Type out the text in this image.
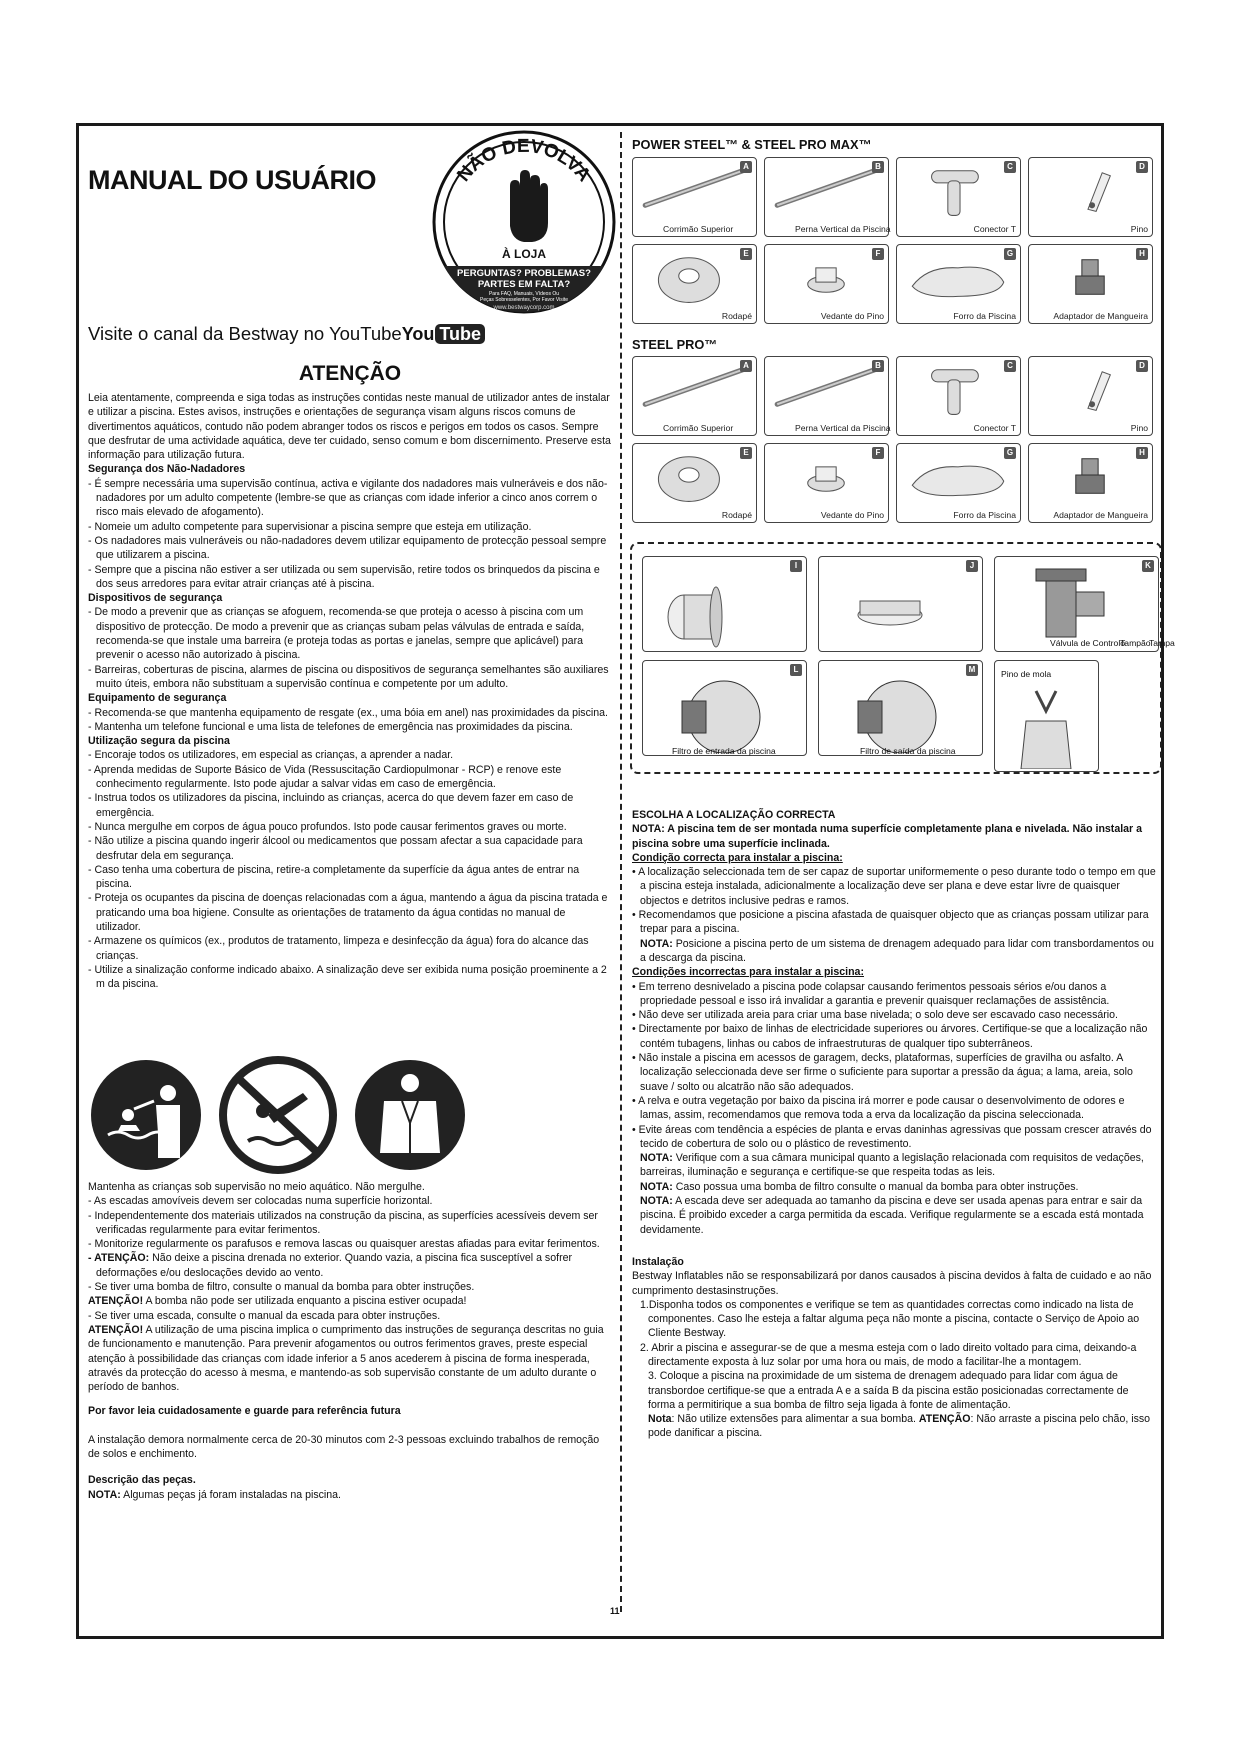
MANUAL DO USUÁRIO	NÃO DEVOLVA
À LOJA
PERGUNTAS? PROBLEMAS?
PARTES EM FALTA?
Para FAQ, Manuais, Vídeos Ou
Peças Sobresselentes, Por Favor Visite
www.bestwaycorp.com
Visite o canal da Bestway no YouTubeYou Tube
ATENÇÃO

Leia atentamente, compreenda e siga todas as instruções contidas neste manual de utilizador antes de instalar e utilizar a piscina. Estes avisos, instruções e orientações de segurança visam alguns riscos comuns de divertimentos aquáticos, contudo não podem abranger todos os riscos e perigos em todos os casos. Sempre que desfrutar de uma actividade aquática, deve ter cuidado, senso comum e bom discernimento. Preserve esta informação para utilização futura.

Segurança dos Não-Nadadores

- É sempre necessária uma supervisão contínua, activa e vigilante dos nadadores mais vulneráveis e dos não-nadadores por um adulto competente (lembre-se que as crianças com idade inferior a cinco anos correm o risco mais elevado de afogamento).

- Nomeie um adulto competente para supervisionar a piscina sempre que esteja em utilização.

- Os nadadores mais vulneráveis ou não-nadadores devem utilizar equipamento de protecção pessoal sempre que utilizarem a piscina.

- Sempre que a piscina não estiver a ser utilizada ou sem supervisão, retire todos os brinquedos da piscina e dos seus arredores para evitar atrair crianças até à piscina.

Dispositivos de segurança

- De modo a prevenir que as crianças se afoguem, recomenda-se que proteja o acesso à piscina com um dispositivo de protecção. De modo a prevenir que as crianças subam pelas válvulas de entrada e saída, recomenda-se que instale uma barreira (e proteja todas as portas e janelas, sempre que aplicável) para prevenir o acesso não autorizado à piscina.

- Barreiras, coberturas de piscina, alarmes de piscina ou dispositivos de segurança semelhantes são auxiliares muito úteis, embora não substituam a supervisão contínua e competente por um adulto.

Equipamento de segurança

- Recomenda-se que mantenha equipamento de resgate (ex., uma bóia em anel) nas proximidades da piscina.

- Mantenha um telefone funcional e uma lista de telefones de emergência nas proximidades da piscina.

Utilização segura da piscina

- Encoraje todos os utilizadores, em especial as crianças, a aprender a nadar.

- Aprenda medidas de Suporte Básico de Vida (Ressuscitação Cardiopulmonar - RCP) e renove este conhecimento regularmente. Isto pode ajudar a salvar vidas em caso de emergência.

- Instrua todos os utilizadores da piscina, incluindo as crianças, acerca do que devem fazer em caso de emergência.

- Nunca mergulhe em corpos de água pouco profundos. Isto pode causar ferimentos graves ou morte.

- Não utilize a piscina quando ingerir álcool ou medicamentos que possam afectar a sua capacidade para desfrutar dela em segurança.

- Caso tenha uma cobertura de piscina, retire-a completamente da superfície da água antes de entrar na piscina.

- Proteja os ocupantes da piscina de doenças relacionadas com a água, mantendo a água da piscina tratada e praticando uma boa higiene. Consulte as orientações de tratamento da água contidas no manual de utilizador.

- Armazene os químicos (ex., produtos de tratamento, limpeza e desinfecção da água) fora do alcance das crianças.

- Utilize a sinalização conforme indicado abaixo. A sinalização deve ser exibida numa posição proeminente a 2 m da piscina.

Mantenha as crianças sob supervisão no meio aquático. Não mergulhe.

- As escadas amovíveis devem ser colocadas numa superfície horizontal.

- Independentemente dos materiais utilizados na construção da piscina, as superfícies acessíveis devem ser verificadas regularmente para evitar ferimentos.

- Monitorize regularmente os parafusos e remova lascas ou quaisquer arestas afiadas para evitar ferimentos.

- ATENÇÃO: Não deixe a piscina drenada no exterior. Quando vazia, a piscina fica susceptível a sofrer deformações e/ou deslocações devido ao vento.

- Se tiver uma bomba de filtro, consulte o manual da bomba para obter instruções.

ATENÇÃO! A bomba não pode ser utilizada enquanto a piscina estiver ocupada!

- Se tiver uma escada, consulte o manual da escada para obter instruções.

ATENÇÃO! A utilização de uma piscina implica o cumprimento das instruções de segurança descritas no guia de funcionamento e manutenção. Para prevenir afogamentos ou outros ferimentos graves, preste especial atenção à possibilidade das crianças com idade inferior a 5 anos acederem à piscina de forma inesperada, através da protecção do acesso à mesma, e mantendo-as sob supervisão constante de um adulto durante o período de banhos.

Por favor leia cuidadosamente e guarde para referência futura

A instalação demora normalmente cerca de 20-30 minutos com 2-3 pessoas excluindo trabalhos de remoção de solos e enchimento.

Descrição das peças.

NOTA: Algumas peças já foram instaladas na piscina.

POWER STEEL™ & STEEL PRO MAX™
A
Corrimão Superior
B
Perna Vertical da Piscina
C
Conector T
D
Pino
E
Rodapé
F
Vedante do Pino
G
Forro da Piscina
H
Adaptador de Mangueira
STEEL PRO™
A
Corrimão Superior
B
Perna Vertical da Piscina
C
Conector T
D
Pino
E
Rodapé
F
Vedante do Pino
G
Forro da Piscina
H
Adaptador de Mangueira
I	J	K
L	M	Pino de mola
Válvula de Controlo
Tampão
Tampa
Filtro de entrada da piscina	Filtro de saída da piscina

ESCOLHA A LOCALIZAÇÃO CORRECTA

NOTA: A piscina tem de ser montada numa superfície completamente plana e nivelada. Não instalar a piscina sobre uma superfície inclinada.

Condição correcta para instalar a piscina:

• A localização seleccionada tem de ser capaz de suportar uniformemente o peso durante todo o tempo em que a piscina esteja instalada, adicionalmente a localização deve ser plana e deve estar livre de quaisquer objectos e detritos inclusive pedras e ramos.

• Recomendamos que posicione a piscina afastada de quaisquer objecto que as crianças possam utilizar para trepar para a piscina.

NOTA: Posicione a piscina perto de um sistema de drenagem adequado para lidar com transbordamentos ou a descarga da piscina.

Condições incorrectas para instalar a piscina:

• Em terreno desnivelado a piscina pode colapsar causando ferimentos pessoais sérios e/ou danos a propriedade pessoal e isso irá invalidar a garantia e prevenir quaisquer reclamações de assistência.

• Não deve ser utilizada areia para criar uma base nivelada; o solo deve ser escavado caso necessário.

• Directamente por baixo de linhas de electricidade superiores ou árvores. Certifique-se que a localização não contém tubagens, linhas ou cabos de infraestruturas de qualquer tipo subterrâneos.

• Não instale a piscina em acessos de garagem, decks, plataformas, superfícies de gravilha ou asfalto. A localização seleccionada deve ser firme o suficiente para suportar a pressão da água; a lama, areia, solo suave / solto ou alcatrão não são adequados.

• A relva e outra vegetação por baixo da piscina irá morrer e pode causar o desenvolvimento de odores e lamas, assim, recomendamos que remova toda a erva da localização da piscina seleccionada.

• Evite áreas com tendência a espécies de planta e ervas daninhas agressivas que possam crescer através do tecido de cobertura de solo ou o plástico de revestimento.

NOTA: Verifique com a sua câmara municipal quanto a legislação relacionada com requisitos de vedações, barreiras, iluminação e segurança e certifique-se que respeita todas as leis.

NOTA: Caso possua uma bomba de filtro consulte o manual da bomba para obter instruções.

NOTA: A escada deve ser adequada ao tamanho da piscina e deve ser usada apenas para entrar e sair da piscina. É proibido exceder a carga permitida da escada. Verifique regularmente se a escada está montada devidamente.

Instalação

Bestway Inflatables não se responsabilizará por danos causados à piscina devidos à falta de cuidado e ao não cumprimento destasinstruções.

1.Disponha todos os componentes e verifique se tem as quantidades correctas como indicado na lista de componentes. Caso lhe esteja a faltar alguma peça não monte a piscina, contacte o Serviço de Apoio ao Cliente Bestway.

2. Abrir a piscina e assegurar-se de que a mesma esteja com o lado direito voltado para cima, deixando-a directamente exposta à luz solar por uma hora ou mais, de modo a facilitar-lhe a montagem.

3. Coloque a piscina na proximidade de um sistema de drenagem adequado para lidar com água de transbordoe certifique-se que a entrada A e a saída B da piscina estão posicionadas correctamente de forma a permitirique a sua bomba de filtro seja ligada à fonte de alimentação.
Nota: Não utilize extensões para alimentar a sua bomba. ATENÇÃO: Não arraste a piscina pelo chão, isso pode danificar a piscina.

11
